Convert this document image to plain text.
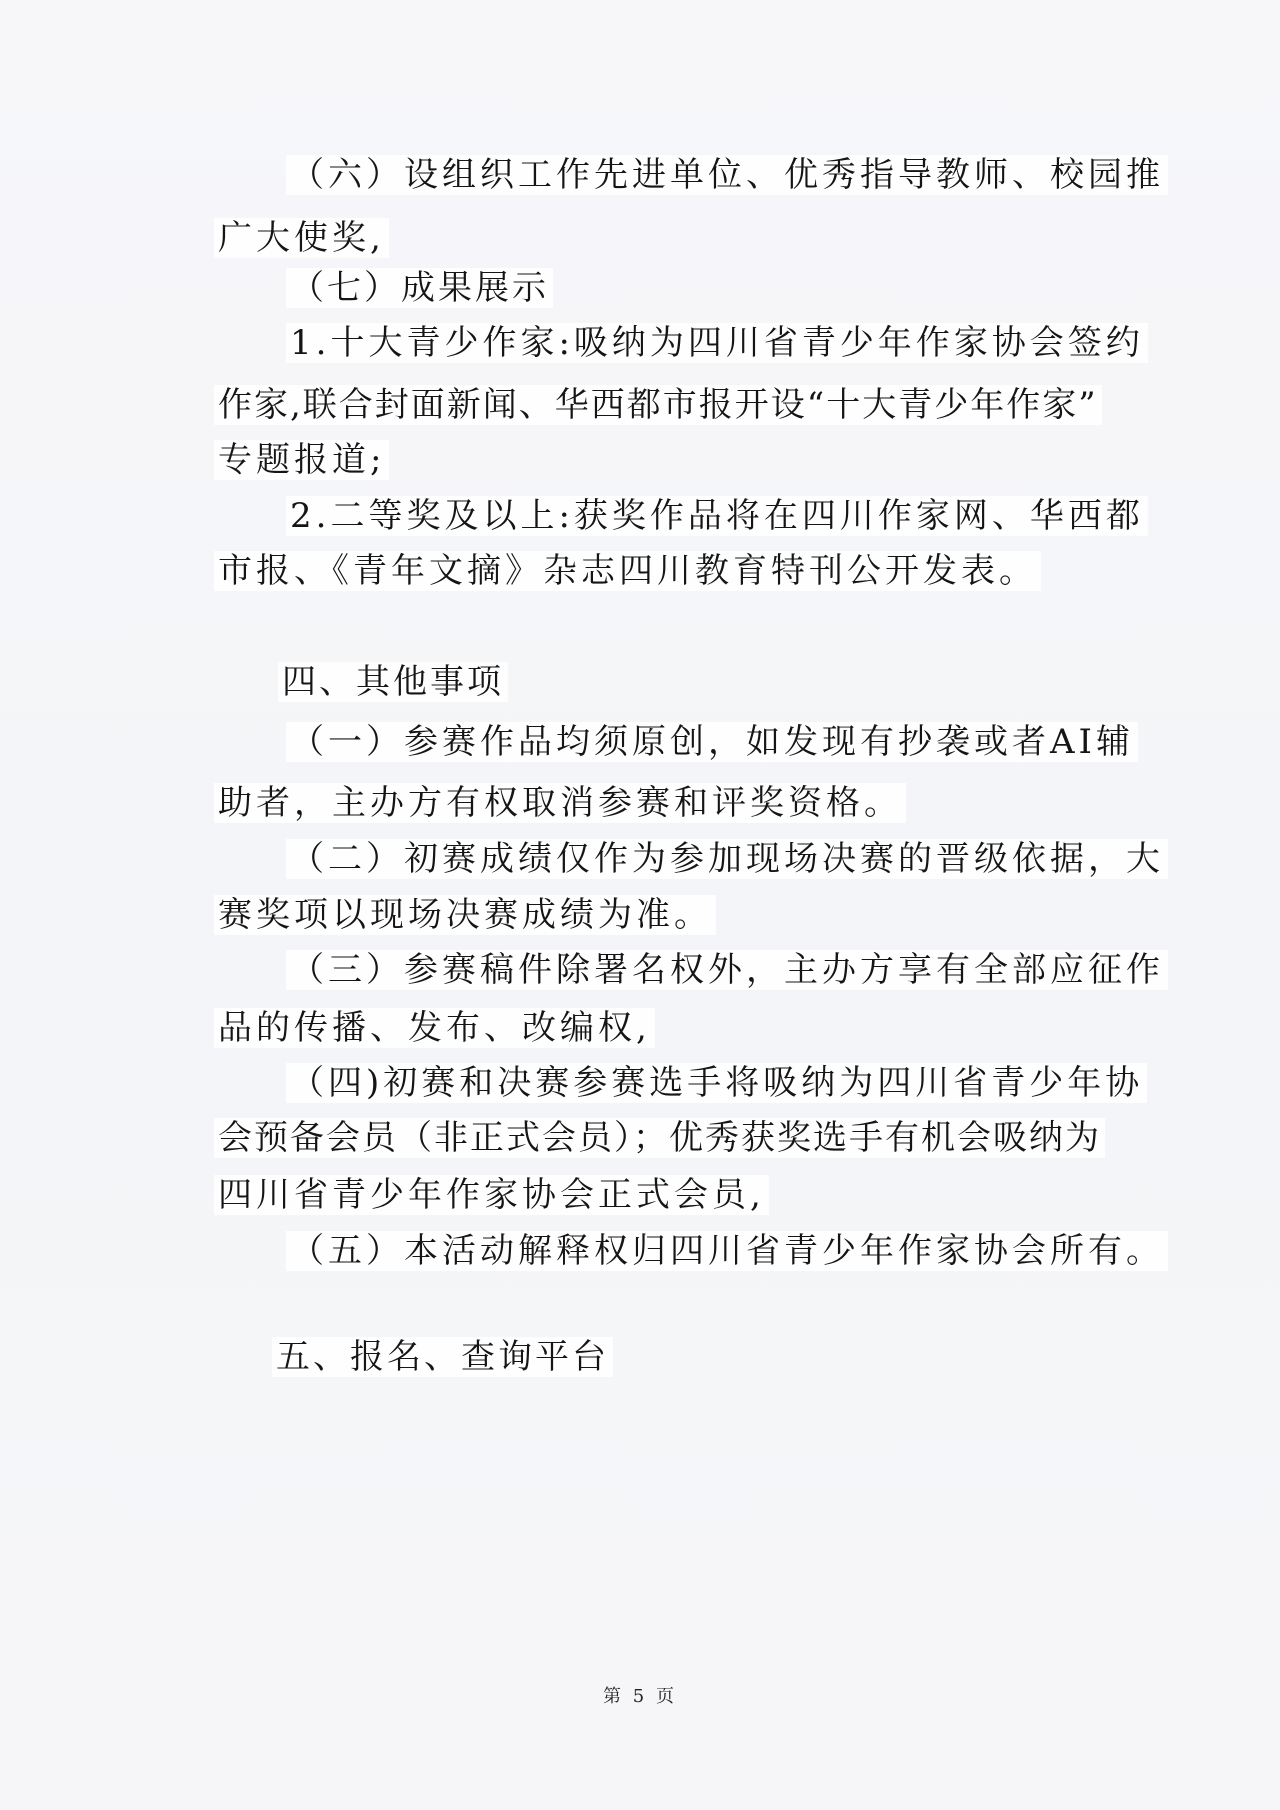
（六）设组织工作先进单位、优秀指导教师、校园推
广大使奖,
（七）成果展示
1.十大青少作家:吸纳为四川省青少年作家协会签约
作家,联合封面新闻、华西都市报开设“十大青少年作家”
专题报道;
2.二等奖及以上:获奖作品将在四川作家网、华西都
市报、《青年文摘》杂志四川教育特刊公开发表。
四、其他事项
（一）参赛作品均须原创，如发现有抄袭或者AI辅
助者，主办方有权取消参赛和评奖资格。
（二）初赛成绩仅作为参加现场决赛的晋级依据，大
赛奖项以现场决赛成绩为准。
（三）参赛稿件除署名权外，主办方享有全部应征作
品的传播、发布、改编权,
（四)初赛和决赛参赛选手将吸纳为四川省青少年协
会预备会员（非正式会员）；优秀获奖选手有机会吸纳为
四川省青少年作家协会正式会员,
（五）本活动解释权归四川省青少年作家协会所有。
五、报名、查询平台
第 5 页
